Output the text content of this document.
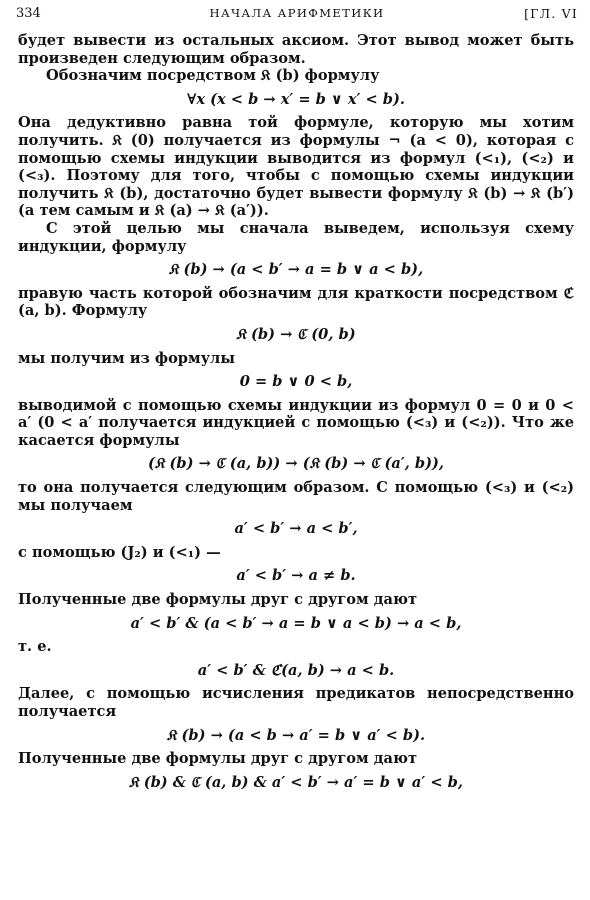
334	НАЧАЛА АРИФМЕТИКИ	[ГЛ. VI

будет вывести из остальных аксиом. Этот вывод может быть произведен следующим образом.

Обозначим посредством 𝔎 (b) формулу

∀x (x < b → x′ = b ∨ x′ < b).

Она дедуктивно равна той формуле, которую мы хотим получить. 𝔎 (0) получается из формулы ¬ (a < 0), которая с помощью схемы индукции выводится из формул (<₁), (<₂) и (<₃). Поэтому для того, чтобы с помощью схемы индукции получить 𝔎 (b), достаточно будет вывести формулу 𝔎 (b) → 𝔎 (b′) (а тем самым и 𝔎 (a) → 𝔎 (a′)).

С этой целью мы сначала выведем, используя схему индукции, формулу

𝔎 (b) → (a < b′ → a = b ∨ a < b),

правую часть которой обозначим для краткости посредством ℭ (a, b). Формулу

𝔎 (b) → ℭ (0, b)

мы получим из формулы

0 = b ∨ 0 < b,

выводимой с помощью схемы индукции из формул 0 = 0 и 0 < a′ (0 < a′ получается индукцией с помощью (<₃) и (<₂)). Что же касается формулы

(𝔎 (b) → ℭ (a, b)) → (𝔎 (b) → ℭ (a′, b)),

то она получается следующим образом. С помощью (<₃) и (<₂) мы получаем

a′ < b′ → a < b′,

с помощью (J₂) и (<₁) —

a′ < b′ → a ≠ b.

Полученные две формулы друг с другом дают

a′ < b′ & (a < b′ → a = b ∨ a < b) → a < b,

т. е.

a′ < b′ & ℭ(a, b) → a < b.

Далее, с помощью исчисления предикатов непосредственно получается

𝔎 (b) → (a < b → a′ = b ∨ a′ < b).

Полученные две формулы друг с другом дают

𝔎 (b) & ℭ (a, b) & a′ < b′ → a′ = b ∨ a′ < b,
